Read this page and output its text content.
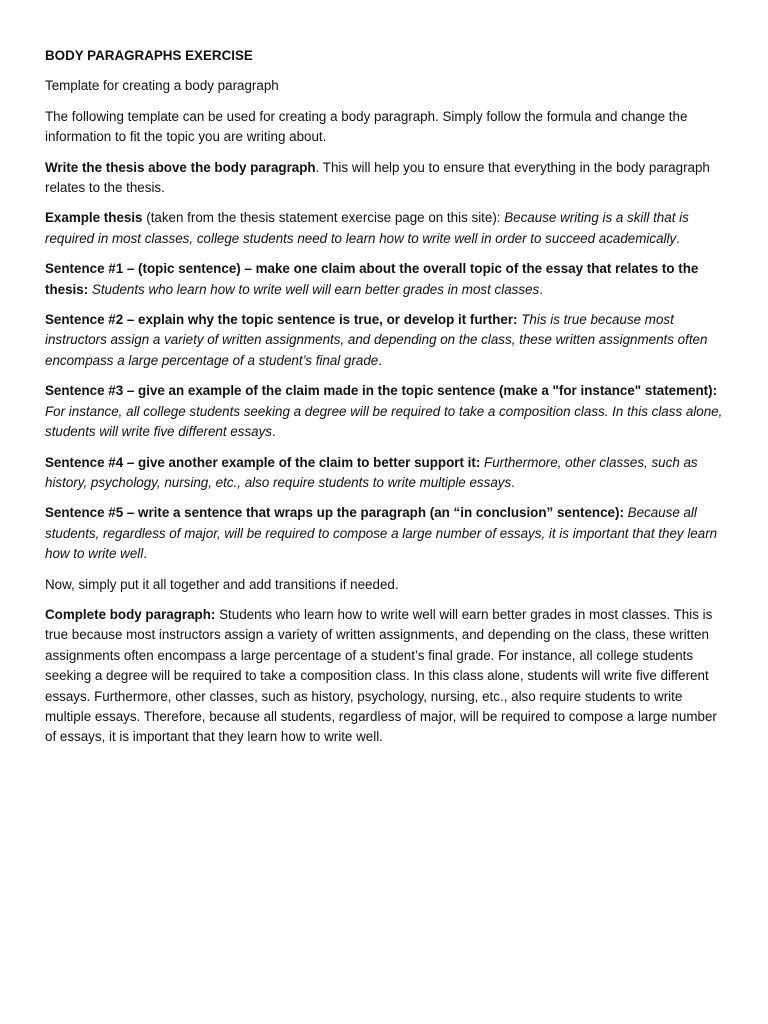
BODY PARAGRAPHS EXERCISE

Template for creating a body paragraph

The following template can be used for creating a body paragraph. Simply follow the formula and change the information to fit the topic you are writing about.

Write the thesis above the body paragraph. This will help you to ensure that everything in the body paragraph relates to the thesis.

Example thesis (taken from the thesis statement exercise page on this site): Because writing is a skill that is required in most classes, college students need to learn how to write well in order to succeed academically.

Sentence #1 – (topic sentence) – make one claim about the overall topic of the essay that relates to the thesis: Students who learn how to write well will earn better grades in most classes.

Sentence #2 – explain why the topic sentence is true, or develop it further: This is true because most instructors assign a variety of written assignments, and depending on the class, these written assignments often encompass a large percentage of a student’s final grade.

Sentence #3 – give an example of the claim made in the topic sentence (make a "for instance" statement): For instance, all college students seeking a degree will be required to take a composition class. In this class alone, students will write five different essays.

Sentence #4 – give another example of the claim to better support it: Furthermore, other classes, such as history, psychology, nursing, etc., also require students to write multiple essays.

Sentence #5 – write a sentence that wraps up the paragraph (an “in conclusion” sentence): Because all students, regardless of major, will be required to compose a large number of essays, it is important that they learn how to write well.

Now, simply put it all together and add transitions if needed.

Complete body paragraph: Students who learn how to write well will earn better grades in most classes. This is true because most instructors assign a variety of written assignments, and depending on the class, these written assignments often encompass a large percentage of a student’s final grade. For instance, all college students seeking a degree will be required to take a composition class. In this class alone, students will write five different essays. Furthermore, other classes, such as history, psychology, nursing, etc., also require students to write multiple essays. Therefore, because all students, regardless of major, will be required to compose a large number of essays, it is important that they learn how to write well.
